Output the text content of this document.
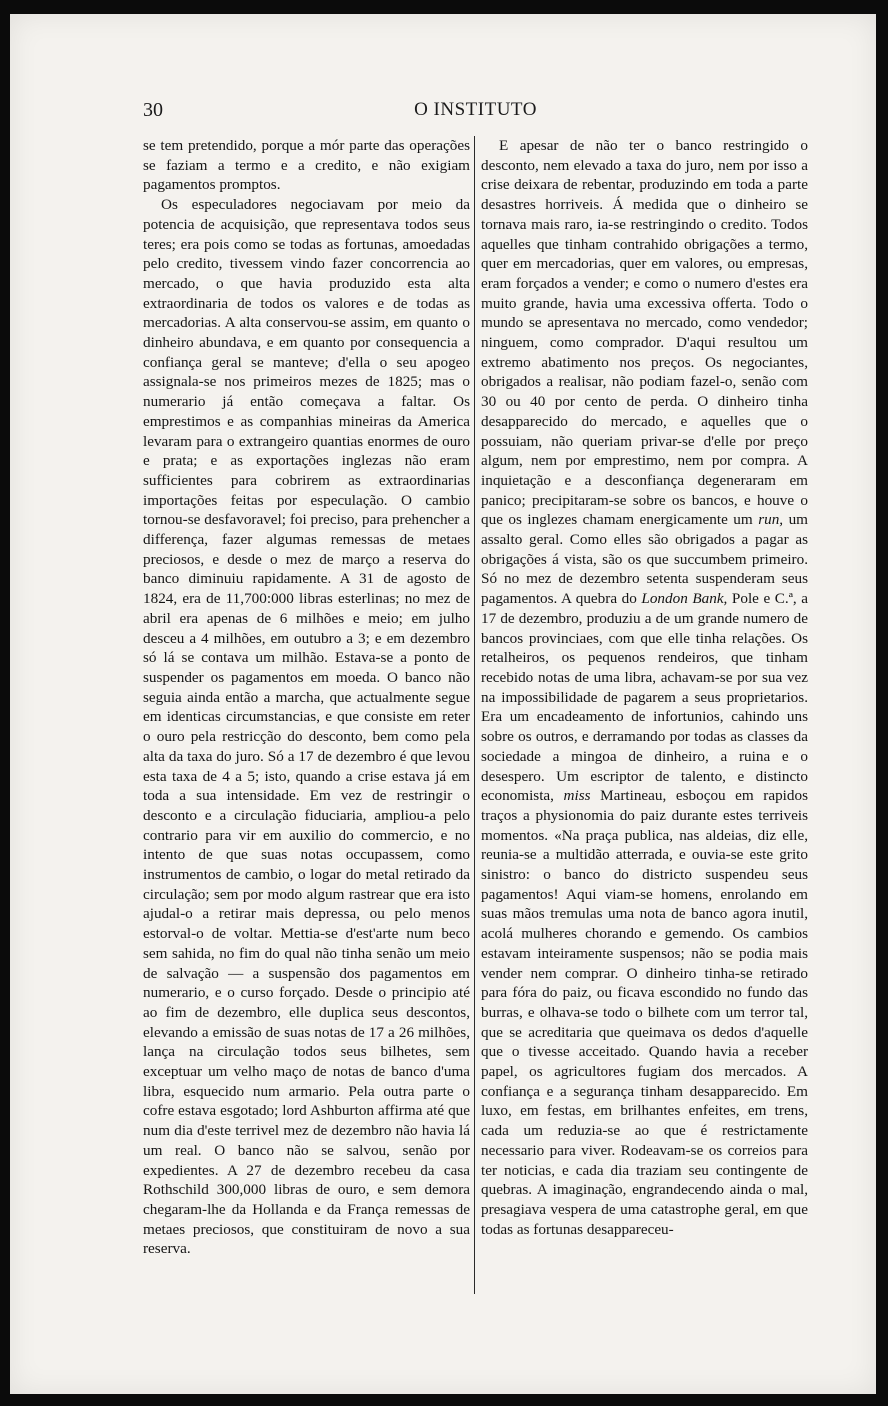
30	O INSTITUTO

se tem pretendido, porque a mór parte das operações se faziam a termo e a credito, e não exigiam pagamentos promptos.

Os especuladores negociavam por meio da potencia de acquisição, que representava todos seus teres; era pois como se todas as fortunas, amoedadas pelo credito, tivessem vindo fazer concorrencia ao mercado, o que havia produzido esta alta extraordinaria de todos os valores e de todas as mercadorias. A alta conservou-se assim, em quanto o dinheiro abundava, e em quanto por consequencia a confiança geral se manteve; d'ella o seu apogeo assignala-se nos primeiros mezes de 1825; mas o numerario já então começava a faltar. Os emprestimos e as companhias mineiras da America levaram para o extrangeiro quantias enormes de ouro e prata; e as exportações inglezas não eram sufficientes para cobrirem as extraordinarias importações feitas por especulação. O cambio tornou-se desfavoravel; foi preciso, para prehencher a differença, fazer algumas remessas de metaes preciosos, e desde o mez de março a reserva do banco diminuiu rapidamente. A 31 de agosto de 1824, era de 11,700:000 libras esterlinas; no mez de abril era apenas de 6 milhões e meio; em julho desceu a 4 milhões, em outubro a 3; e em dezembro só lá se contava um milhão. Estava-se a ponto de suspender os pagamentos em moeda. O banco não seguia ainda então a marcha, que actualmente segue em identicas circumstancias, e que consiste em reter o ouro pela restricção do desconto, bem como pela alta da taxa do juro. Só a 17 de dezembro é que levou esta taxa de 4 a 5; isto, quando a crise estava já em toda a sua intensidade. Em vez de restringir o desconto e a circulação fiduciaria, ampliou-a pelo contrario para vir em auxilio do commercio, e no intento de que suas notas occupassem, como instrumentos de cambio, o logar do metal retirado da circulação; sem por modo algum rastrear que era isto ajudal-o a retirar mais depressa, ou pelo menos estorval-o de voltar. Mettia-se d'est'arte num beco sem sahida, no fim do qual não tinha senão um meio de salvação — a suspensão dos pagamentos em numerario, e o curso forçado. Desde o principio até ao fim de dezembro, elle duplica seus descontos, elevando a emissão de suas notas de 17 a 26 milhões, lança na circulação todos seus bilhetes, sem exceptuar um velho maço de notas de banco d'uma libra, esquecido num armario. Pela outra parte o cofre estava esgotado; lord Ashburton affirma até que num dia d'este terrivel mez de dezembro não havia lá um real. O banco não se salvou, senão por expedientes. A 27 de dezembro recebeu da casa Rothschild 300,000 libras de ouro, e sem demora chegaram-lhe da Hollanda e da França remessas de metaes preciosos, que constituiram de novo a sua reserva.

E apesar de não ter o banco restringido o desconto, nem elevado a taxa do juro, nem por isso a crise deixara de rebentar, produzindo em toda a parte desastres horriveis. Á medida que o dinheiro se tornava mais raro, ia-se restringindo o credito. Todos aquelles que tinham contrahido obrigações a termo, quer em mercadorias, quer em valores, ou empresas, eram forçados a vender; e como o numero d'estes era muito grande, havia uma excessiva offerta. Todo o mundo se apresentava no mercado, como vendedor; ninguem, como comprador. D'aqui resultou um extremo abatimento nos preços. Os negociantes, obrigados a realisar, não podiam fazel-o, senão com 30 ou 40 por cento de perda. O dinheiro tinha desapparecido do mercado, e aquelles que o possuiam, não queriam privar-se d'elle por preço algum, nem por emprestimo, nem por compra. A inquietação e a desconfiança degeneraram em panico; precipitaram-se sobre os bancos, e houve o que os inglezes chamam energicamente um run, um assalto geral. Como elles são obrigados a pagar as obrigações á vista, são os que succumbem primeiro. Só no mez de dezembro setenta suspenderam seus pagamentos. A quebra do London Bank, Pole e C.ª, a 17 de dezembro, produziu a de um grande numero de bancos provinciaes, com que elle tinha relações. Os retalheiros, os pequenos rendeiros, que tinham recebido notas de uma libra, achavam-se por sua vez na impossibilidade de pagarem a seus proprietarios. Era um encadeamento de infortunios, cahindo uns sobre os outros, e derramando por todas as classes da sociedade a mingoa de dinheiro, a ruina e o desespero. Um escriptor de talento, e distincto economista, miss Martineau, esboçou em rapidos traços a physionomia do paiz durante estes terriveis momentos. «Na praça publica, nas aldeias, diz elle, reunia-se a multidão atterrada, e ouvia-se este grito sinistro: o banco do districto suspendeu seus pagamentos! Aqui viam-se homens, enrolando em suas mãos tremulas uma nota de banco agora inutil, acolá mulheres chorando e gemendo. Os cambios estavam inteiramente suspensos; não se podia mais vender nem comprar. O dinheiro tinha-se retirado para fóra do paiz, ou ficava escondido no fundo das burras, e olhava-se todo o bilhete com um terror tal, que se acreditaria que queimava os dedos d'aquelle que o tivesse acceitado. Quando havia a receber papel, os agricultores fugiam dos mercados. A confiança e a segurança tinham desapparecido. Em luxo, em festas, em brilhantes enfeites, em trens, cada um reduzia-se ao que é restrictamente necessario para viver. Rodeavam-se os correios para ter noticias, e cada dia traziam seu contingente de quebras. A imaginação, engrandecendo ainda o mal, presagiava vespera de uma catastrophe geral, em que todas as fortunas desappareceu-
